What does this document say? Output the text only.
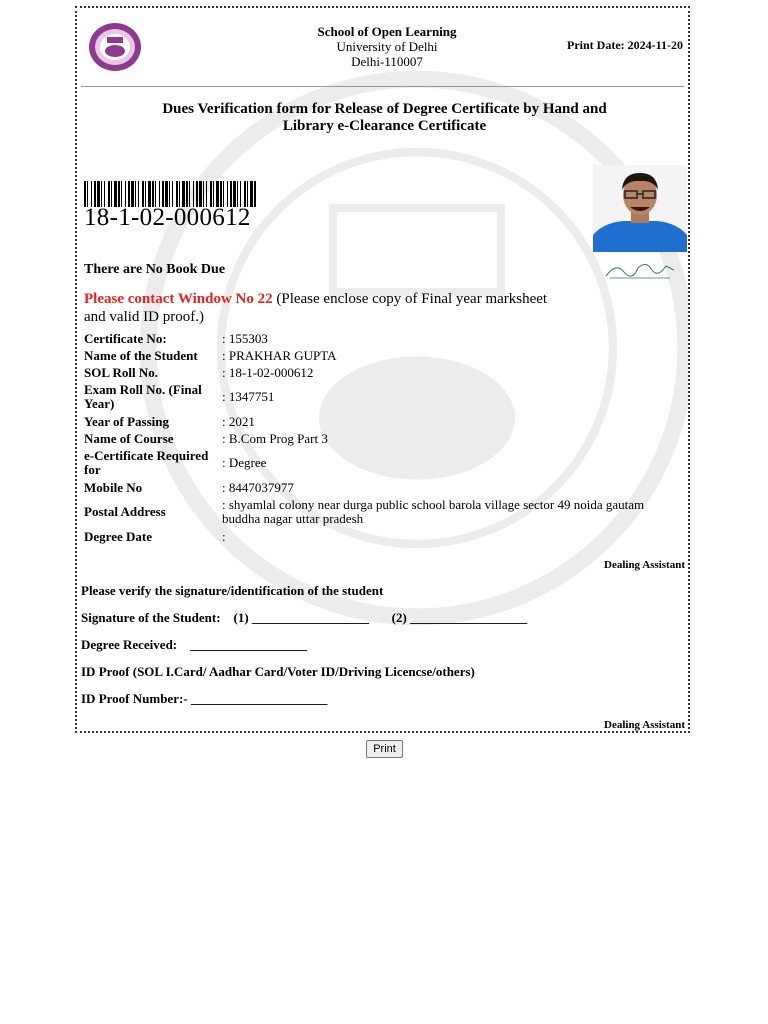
School of Open Learning
University of Delhi
Delhi-110007
Print Date: 2024-11-20
Dues Verification form for Release of Degree Certificate by Hand and
Library e-Clearance Certificate
18-1-02-000612
There are No Book Due
Please contact Window No 22 (Please enclose copy of Final year marksheet and valid ID proof.)
Certificate No:	: 155303
Name of the Student	: PRAKHAR GUPTA
SOL Roll No.	: 18-1-02-000612
Exam Roll No. (Final Year)	: 1347751
Year of Passing	: 2021
Name of Course	: B.Com Prog Part 3
e-Certificate Required for	: Degree
Mobile No	: 8447037977
Postal Address	: shyamlal colony near durga public school barola village sector 49 noida gautam buddha nagar uttar pradesh
Degree Date	:
Dealing Assistant
Please verify the signature/identification of the student
Signature of the Student:    (1) __________________       (2) __________________
Degree Received:    __________________
ID Proof (SOL I.Card/ Aadhar Card/Voter ID/Driving Licencse/others)
ID Proof Number:- _____________________
Dealing Assistant
Print
